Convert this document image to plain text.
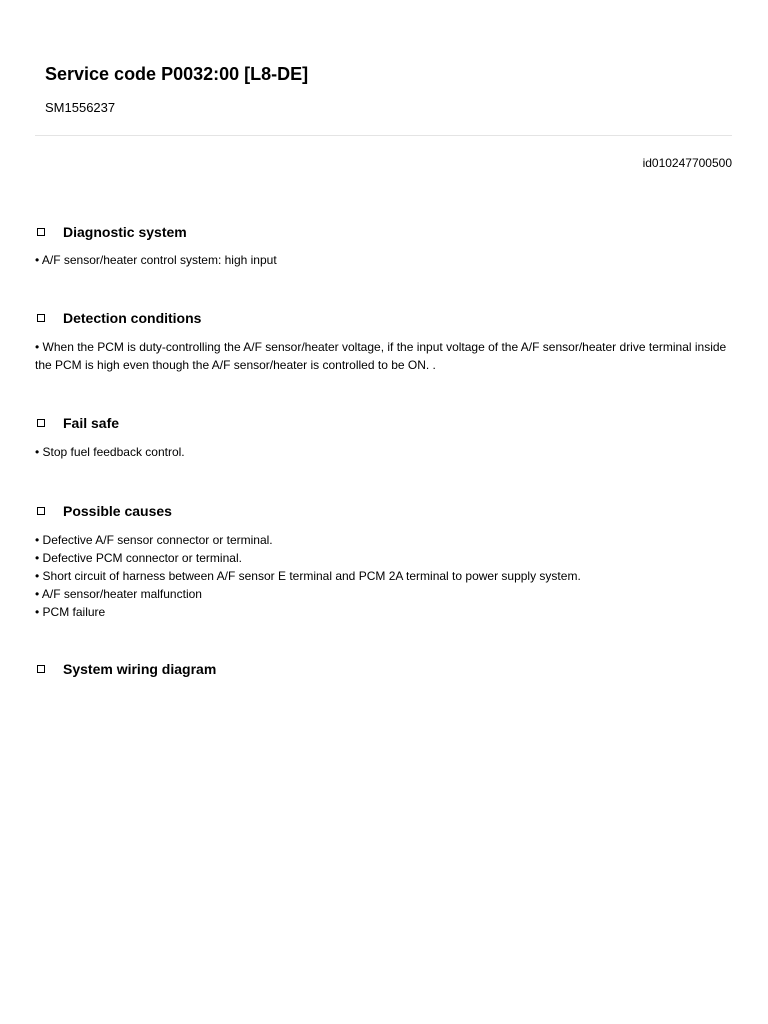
Service code P0032:00 [L8-DE]
SM1556237
id010247700500
Diagnostic system
• A/F sensor/heater control system: high input
Detection conditions
• When the PCM is duty-controlling the A/F sensor/heater voltage, if the input voltage of the A/F sensor/heater drive terminal inside the PCM is high even though the A/F sensor/heater is controlled to be ON. .
Fail safe
• Stop fuel feedback control.
Possible causes
• Defective A/F sensor connector or terminal.
• Defective PCM connector or terminal.
• Short circuit of harness between A/F sensor E terminal and PCM 2A terminal to power supply system.
• A/F sensor/heater malfunction
• PCM failure
System wiring diagram
